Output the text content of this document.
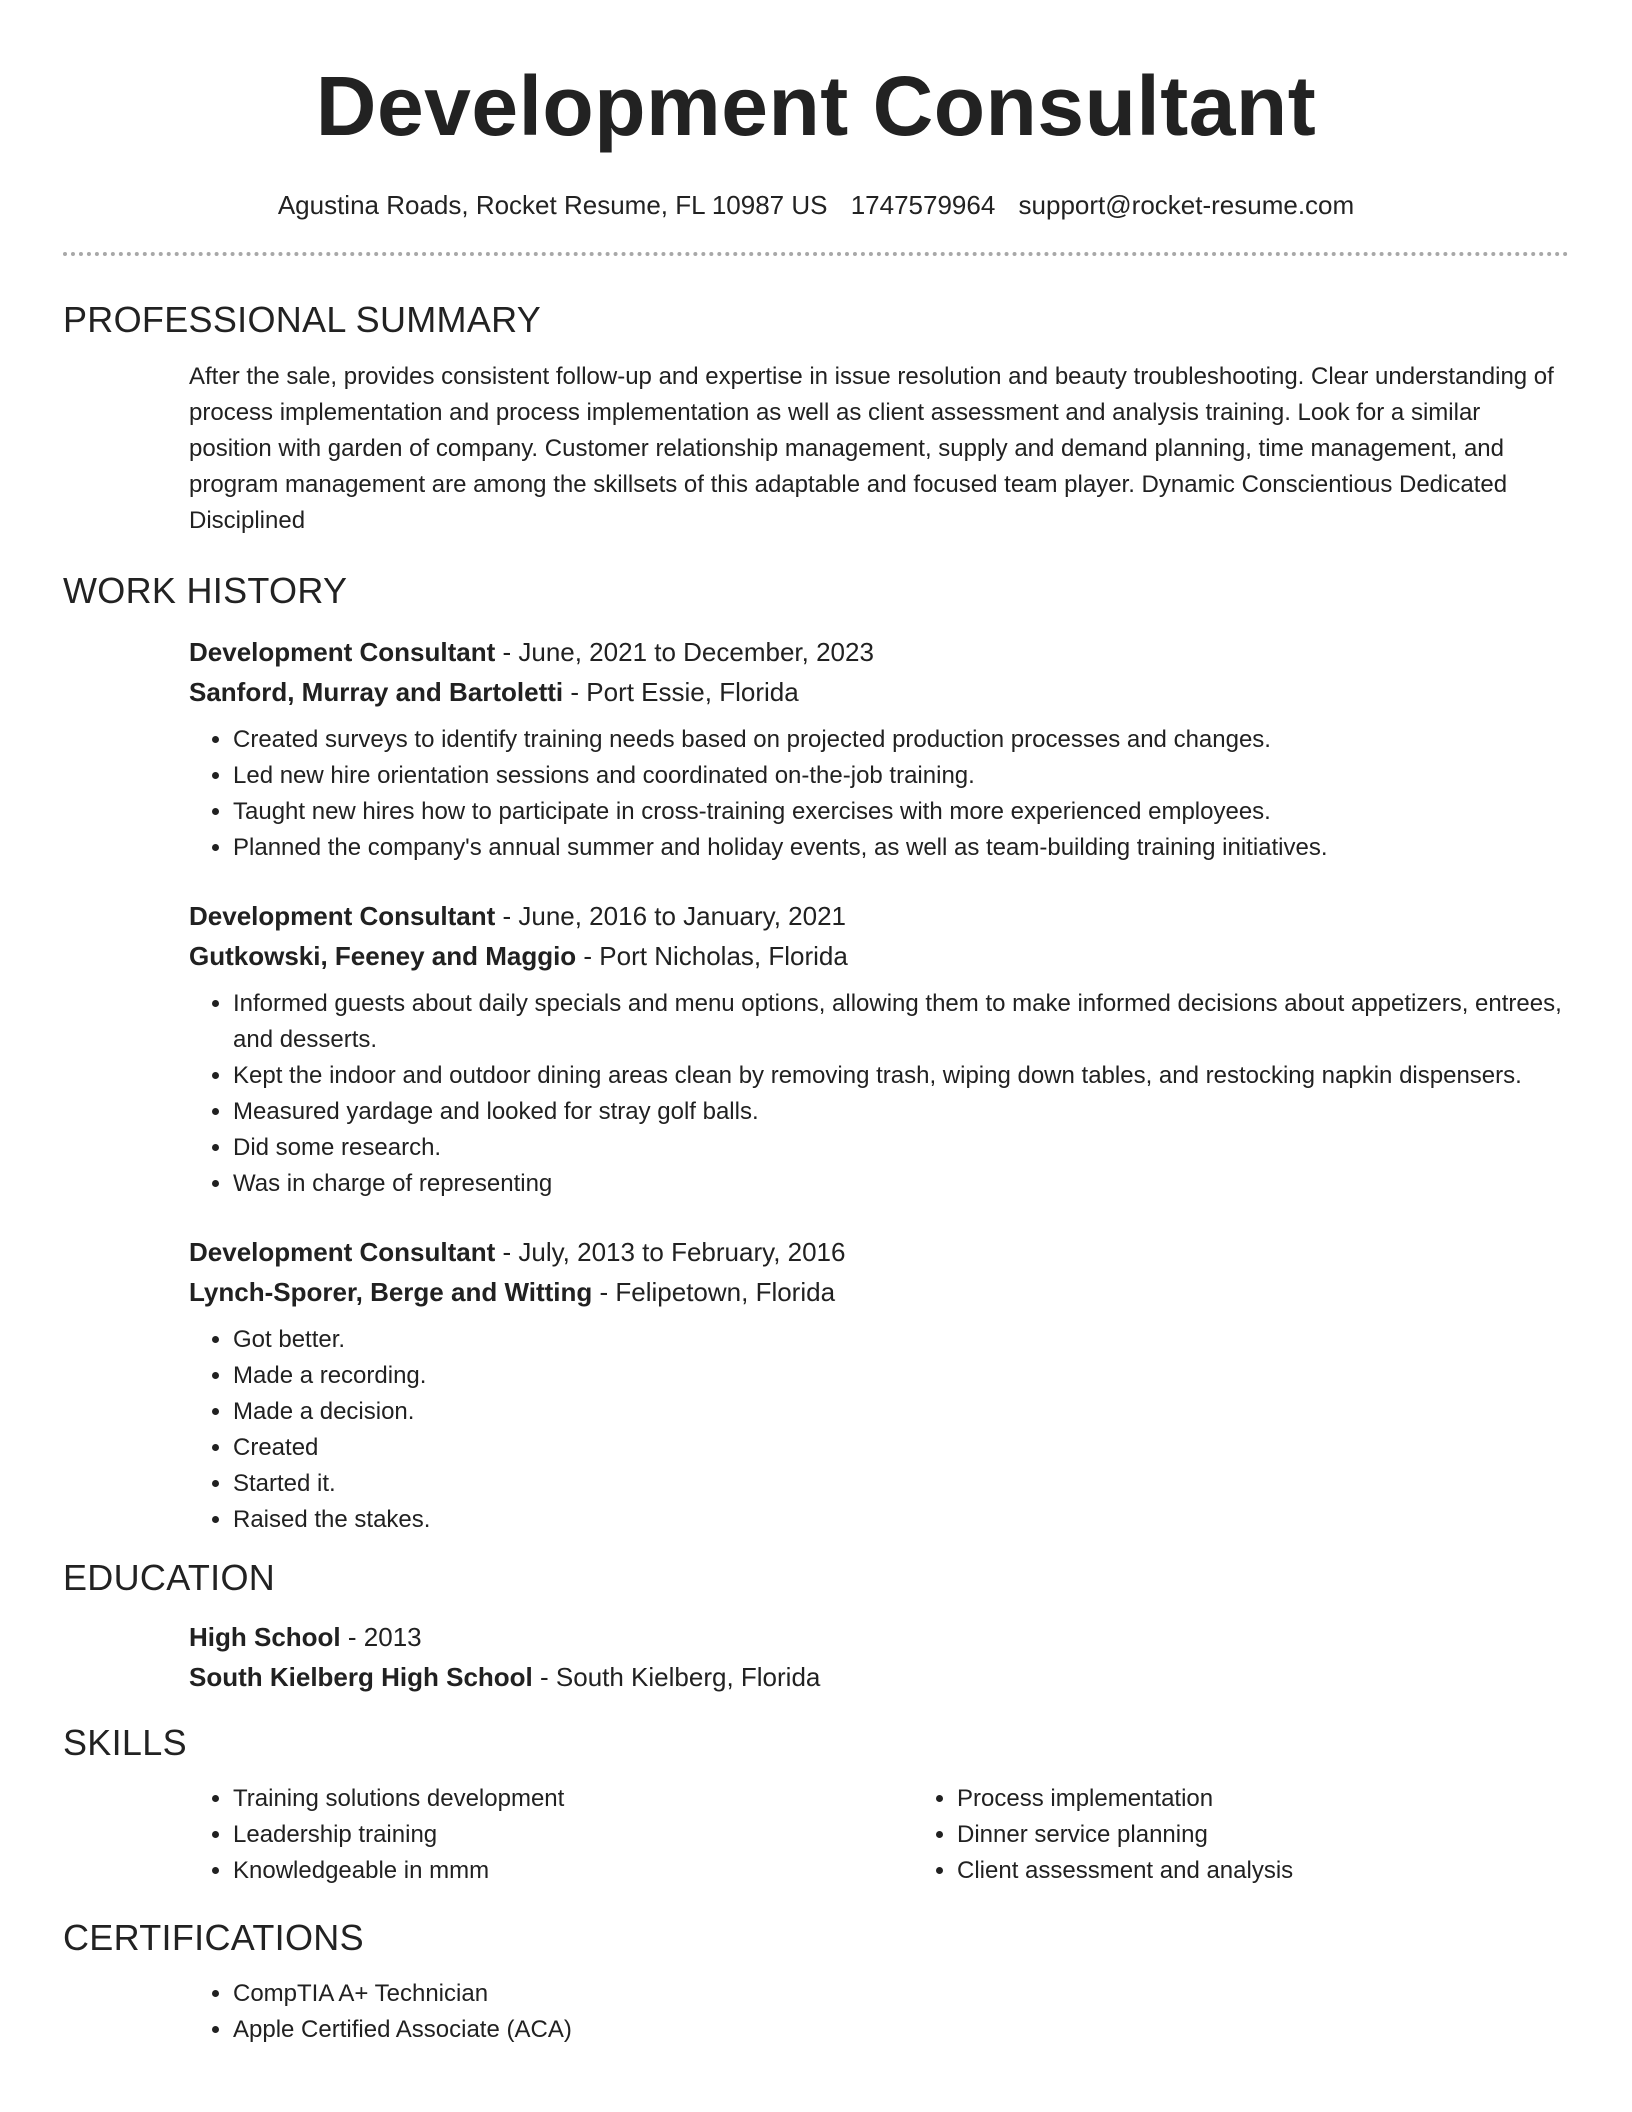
Development Consultant
Agustina Roads, Rocket Resume, FL 10987 US 1747579964 support@rocket-resume.com
PROFESSIONAL SUMMARY

After the sale, provides consistent follow-up and expertise in issue resolution and beauty troubleshooting. Clear understanding of process implementation and process implementation as well as client assessment and analysis training. Look for a similar position with garden of company. Customer relationship management, supply and demand planning, time management, and program management are among the skillsets of this adaptable and focused team player. Dynamic Conscientious Dedicated Disciplined

WORK HISTORY

Development Consultant - June, 2021 to December, 2023

Sanford, Murray and Bartoletti - Port Essie, Florida

• Created surveys to identify training needs based on projected production processes and changes.
• Led new hire orientation sessions and coordinated on-the-job training.
• Taught new hires how to participate in cross-training exercises with more experienced employees.
• Planned the company's annual summer and holiday events, as well as team-building training initiatives.

Development Consultant - June, 2016 to January, 2021

Gutkowski, Feeney and Maggio - Port Nicholas, Florida

• Informed guests about daily specials and menu options, allowing them to make informed decisions about appetizers, entrees, and desserts.
• Kept the indoor and outdoor dining areas clean by removing trash, wiping down tables, and restocking napkin dispensers.
• Measured yardage and looked for stray golf balls.
• Did some research.
• Was in charge of representing

Development Consultant - July, 2013 to February, 2016

Lynch-Sporer, Berge and Witting - Felipetown, Florida

• Got better.
• Made a recording.
• Made a decision.
• Created
• Started it.
• Raised the stakes.
EDUCATION

High School - 2013

South Kielberg High School - South Kielberg, Florida

SKILLS
• Training solutions development
• Leadership training
• Knowledgeable in mmm
• Process implementation
• Dinner service planning
• Client assessment and analysis
CERTIFICATIONS
• CompTIA A+ Technician
• Apple Certified Associate (ACA)
